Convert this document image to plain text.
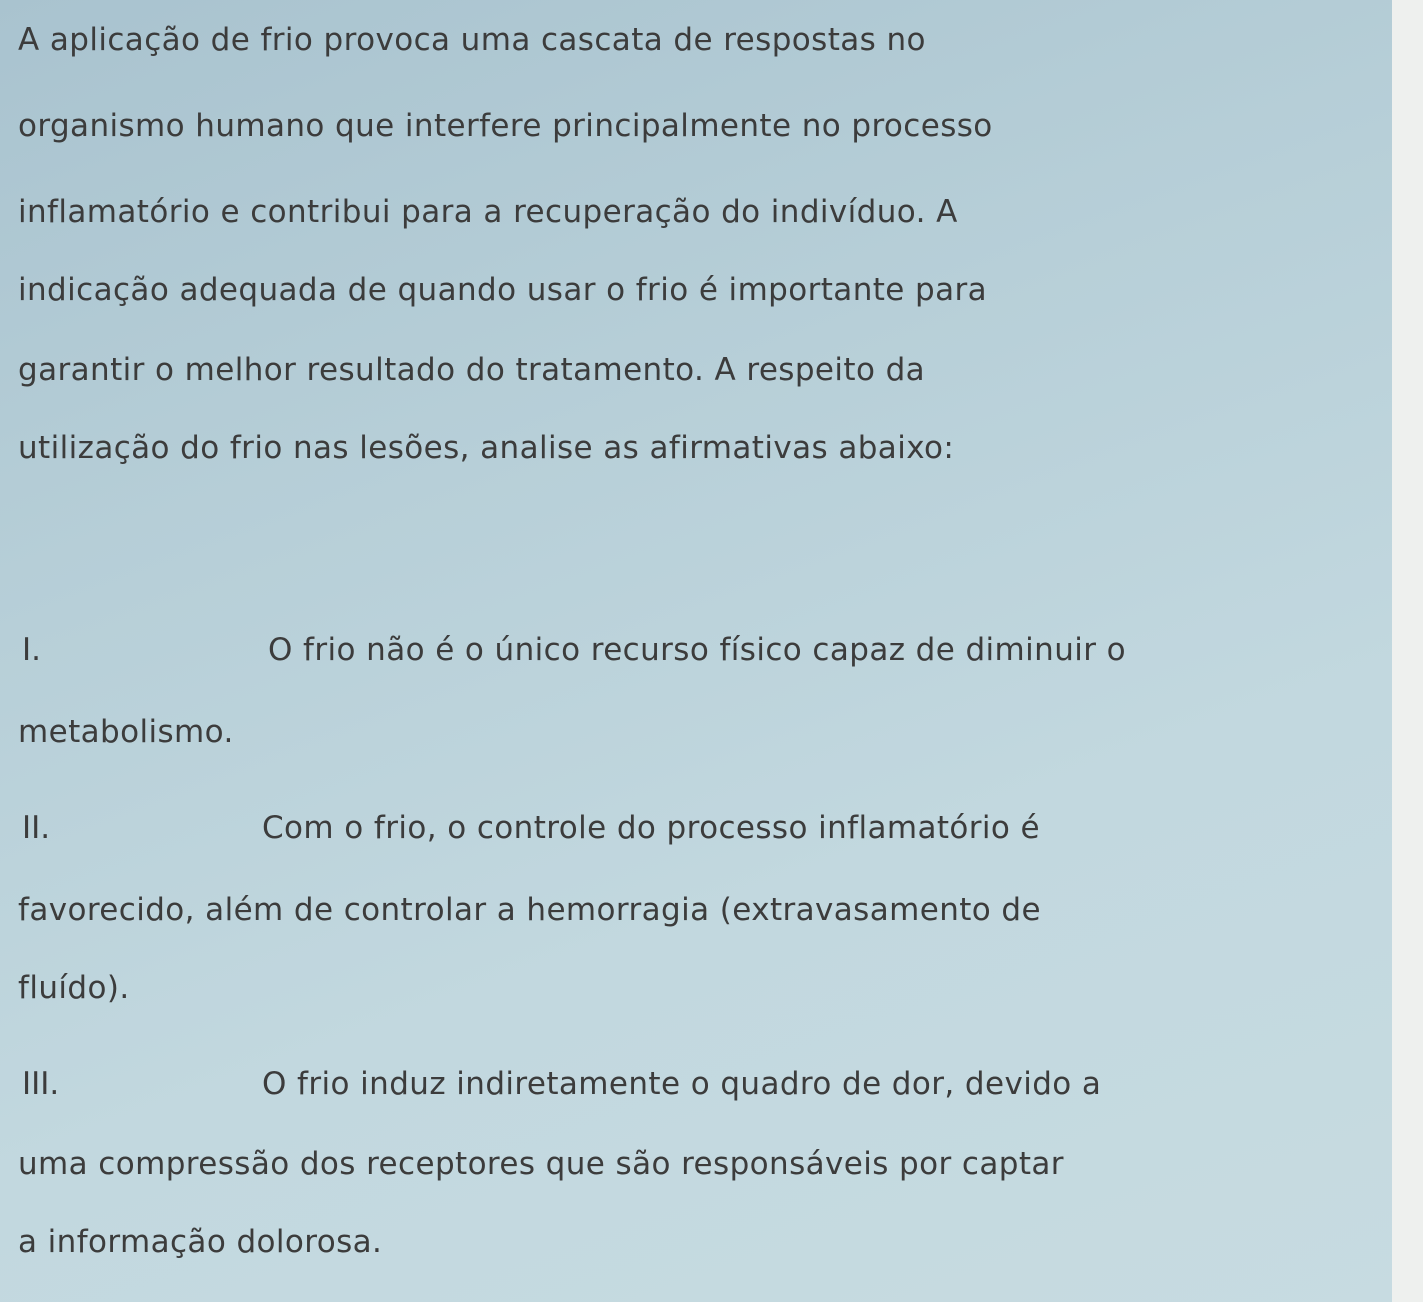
A aplicação de frio provoca uma cascata de respostas no
organismo humano que interfere principalmente no processo
inflamatório e contribui para a recuperação do indivíduo. A
indicação adequada de quando usar o frio é importante para
garantir o melhor resultado do tratamento. A respeito da
utilização do frio nas lesões, analise as afirmativas abaixo:
I.	O frio não é o único recurso físico capaz de diminuir o
metabolismo.
II.	Com o frio, o controle do processo inflamatório é
favorecido, além de controlar a hemorragia (extravasamento de
fluído).
III.	O frio induz indiretamente o quadro de dor, devido a
uma compressão dos receptores que são responsáveis por captar
a informação dolorosa.
